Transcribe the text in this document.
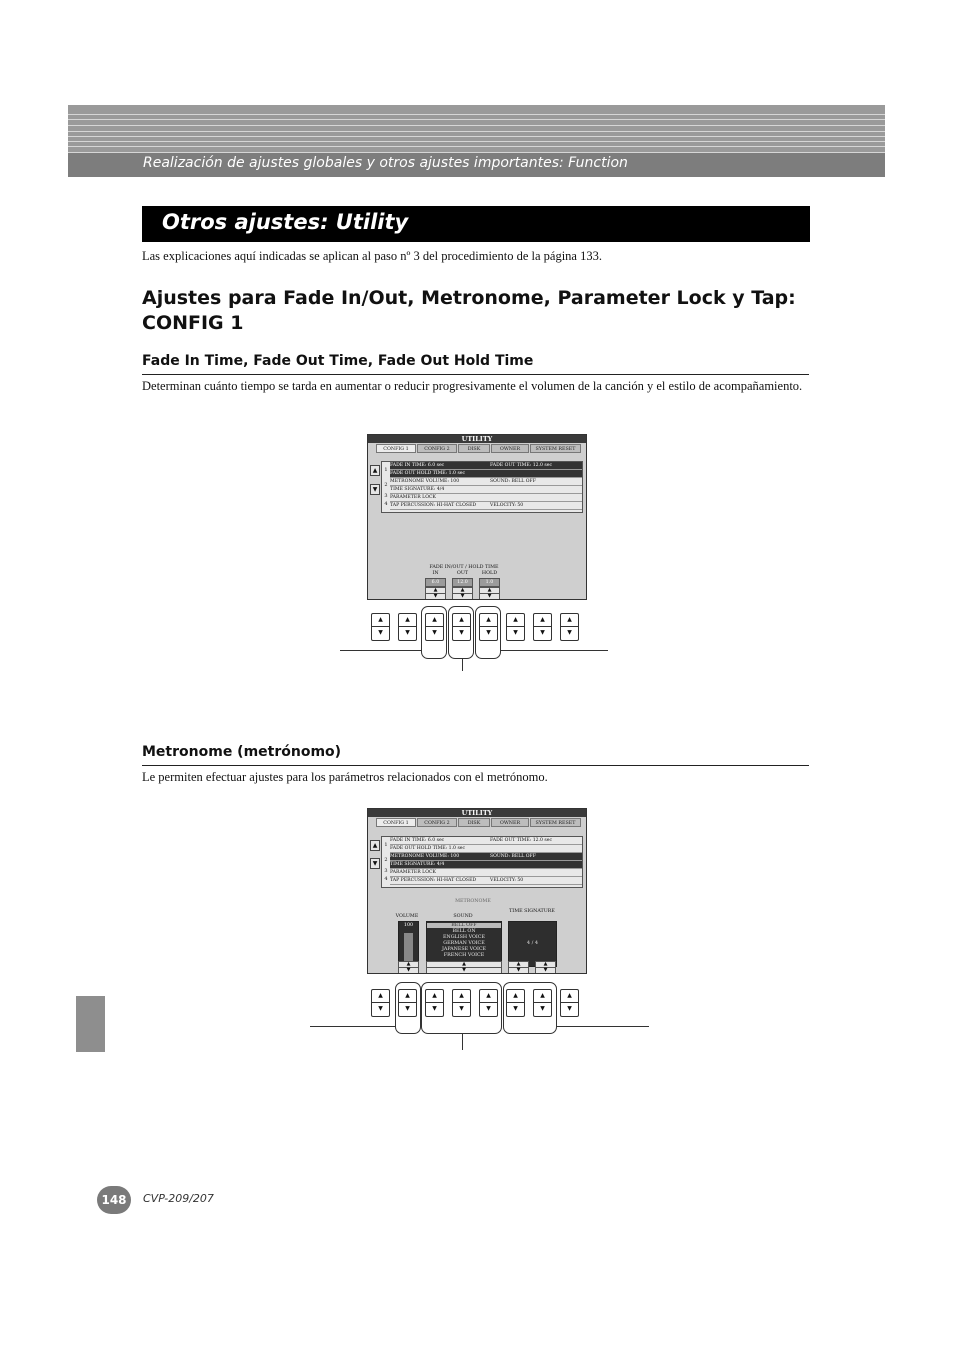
Realización de ajustes globales y otros ajustes importantes: Function
Otros ajustes: Utility
Las explicaciones aquí indicadas se aplican al paso nº 3 del procedimiento de la página 133.
Ajustes para Fade In/Out, Metronome, Parameter Lock y Tap: CONFIG 1
Fade In Time, Fade Out Time, Fade Out Hold Time
Determinan cuánto tiempo se tarda en aumentar o reducir progresivamente el volumen de la canción y el estilo de acompañamiento.
UTILITY
CONFIG 1	CONFIG 2	DISK	OWNER	SYSTEM RESET
▲
▼
1
2
3
4
FADE IN TIME: 6.0 sec	FADE OUT TIME: 12.0 sec
FADE OUT HOLD TIME: 1.0 sec
METRONOME VOLUME: 100	SOUND: BELL OFF
TIME SIGNATURE: 4/4
PARAMETER LOCK
TAP PERCUSSION: HI-HAT CLOSED	VELOCITY: 50
FADE IN/OUT / HOLD TIME
IN	OUT	HOLD
6.0	12.0	1.0
▲
▼
▲
▼
▲
▼
▲
▼
▲
▼
▲
▼
▲
▼
▲
▼
▲
▼
▲
▼
▲
▼
Metronome (metrónomo)
Le permiten efectuar ajustes para los parámetros relacionados con el metrónomo.
UTILITY
CONFIG 1	CONFIG 2	DISK	OWNER	SYSTEM RESET
▲
▼
1
2
3
4
FADE IN TIME: 6.0 sec	FADE OUT TIME: 12.0 sec
FADE OUT HOLD TIME: 1.0 sec
METRONOME VOLUME: 100	SOUND: BELL OFF
TIME SIGNATURE: 4/4
PARAMETER LOCK
TAP PERCUSSION: HI-HAT CLOSED	VELOCITY: 50
METRONOME
VOLUME	SOUND
TIME SIGNATURE
100	BELL OFF
BELL ON
ENGLISH VOICE
GERMAN VOICE
JAPANESE VOICE
FRENCH VOICE
4 / 4
▲
▼
▲
▼
▲
▼
▲
▼
▲
▼
▲
▼
▲
▼
▲
▼
▲
▼
▲
▼
▲
▼
▲
▼
148	CVP-209/207
